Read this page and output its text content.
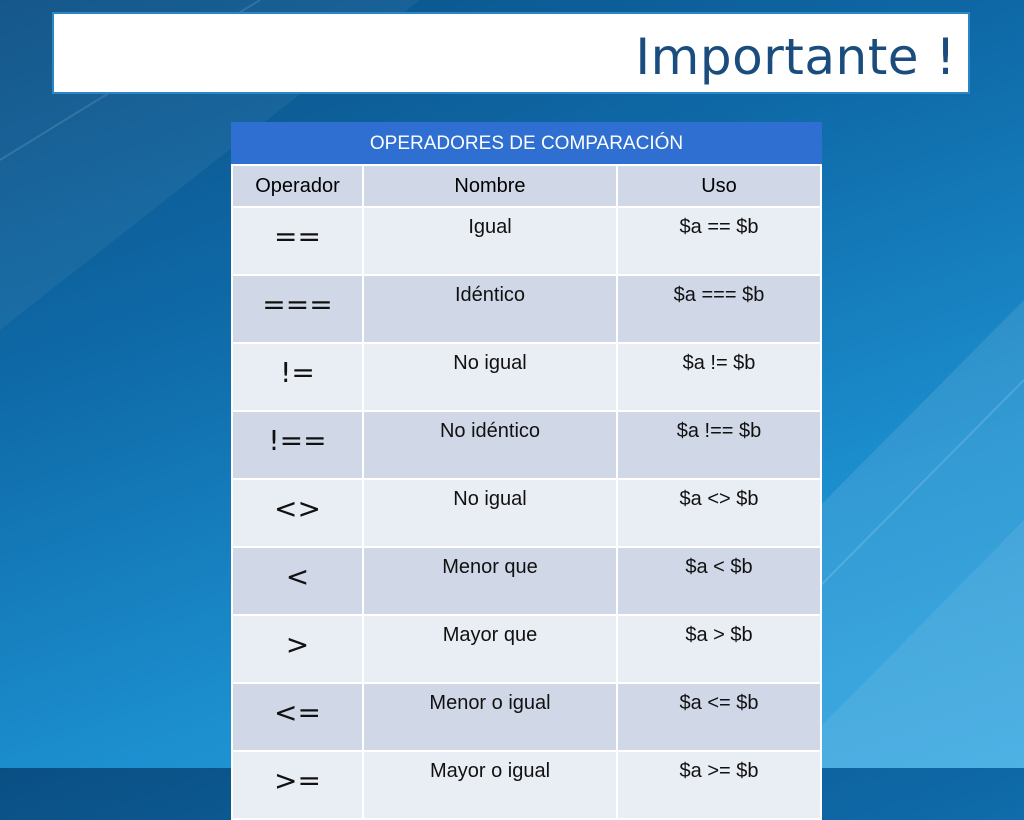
Importante !
OPERADORES DE COMPARACIÓN		
Operador	Nombre	Uso
==	Igual	$a == $b
===	Idéntico	$a === $b
!=	No igual	$a != $b
!==	No idéntico	$a !== $b
<>	No igual	$a <> $b
<	Menor que	$a < $b
>	Mayor que	$a > $b
<=	Menor o igual	$a <= $b
>=	Mayor o igual	$a >= $b
